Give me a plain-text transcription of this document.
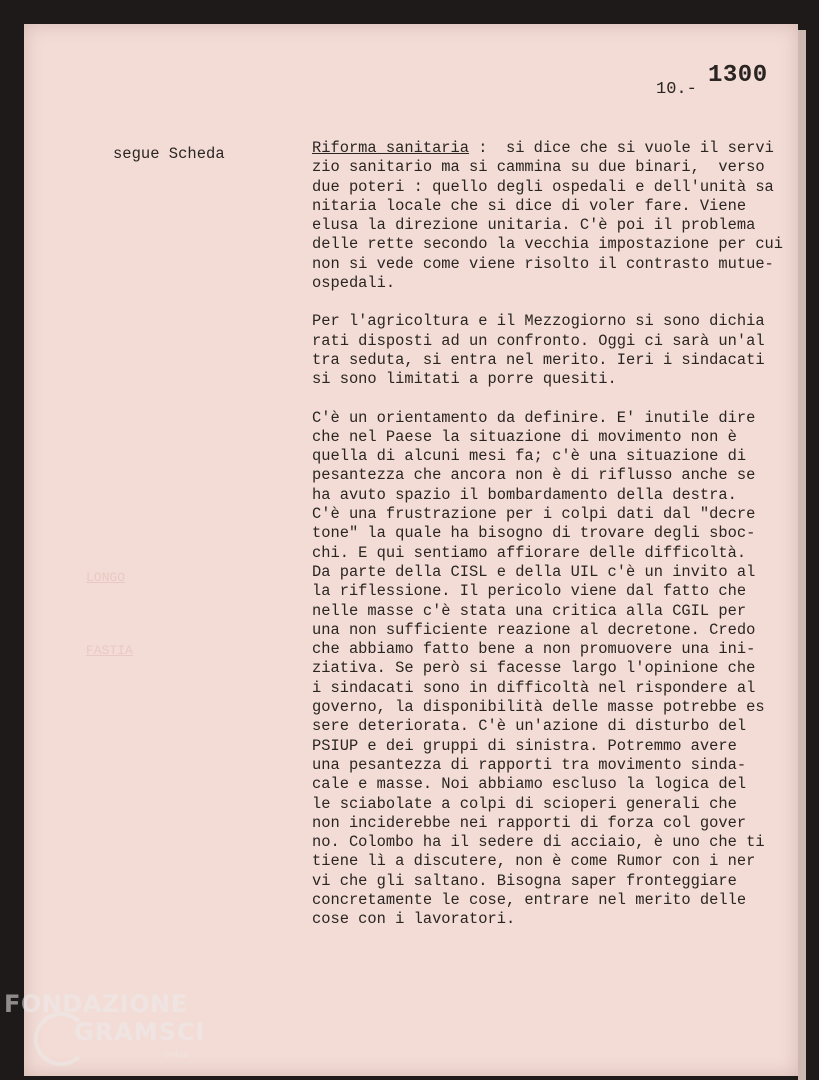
10.-
1300
segue Scheda
LONGO
FASTIA
Riforma sanitaria :  si dice che si vuole il servi
zio sanitario ma si cammina su due binari,  verso
due poteri : quello degli ospedali e dell'unità sa
nitaria locale che si dice di voler fare. Viene
elusa la direzione unitaria. C'è poi il problema
delle rette secondo la vecchia impostazione per cui
non si vede come viene risolto il contrasto mutue-
ospedali.
Per l'agricoltura e il Mezzogiorno si sono dichia
rati disposti ad un confronto. Oggi ci sarà un'al
tra seduta, si entra nel merito. Ieri i sindacati
si sono limitati a porre quesiti.
C'è un orientamento da definire. E' inutile dire
che nel Paese la situazione di movimento non è
quella di alcuni mesi fa; c'è una situazione di
pesantezza che ancora non è di riflusso anche se
ha avuto spazio il bombardamento della destra.
C'è una frustrazione per i colpi dati dal "decre
tone" la quale ha bisogno di trovare degli sboc-
chi. E qui sentiamo affiorare delle difficoltà.
Da parte della CISL e della UIL c'è un invito al
la riflessione. Il pericolo viene dal fatto che
nelle masse c'è stata una critica alla CGIL per
una non sufficiente reazione al decretone. Credo
che abbiamo fatto bene a non promuovere una ini-
ziativa. Se però si facesse largo l'opinione che
i sindacati sono in difficoltà nel rispondere al
governo, la disponibilità delle masse potrebbe es
sere deteriorata. C'è un'azione di disturbo del
PSIUP e dei gruppi di sinistra. Potremmo avere
una pesantezza di rapporti tra movimento sinda-
cale e masse. Noi abbiamo escluso la logica del
le sciabolate a colpi di scioperi generali che
non inciderebbe nei rapporti di forza col gover
no. Colombo ha il sedere di acciaio, è uno che ti
tiene lì a discutere, non è come Rumor con i ner
vi che gli saltano. Bisogna saper fronteggiare
concretamente le cose, entrare nel merito delle
cose con i lavoratori.
FONDAZIONE
GRAMSCI
onlus
